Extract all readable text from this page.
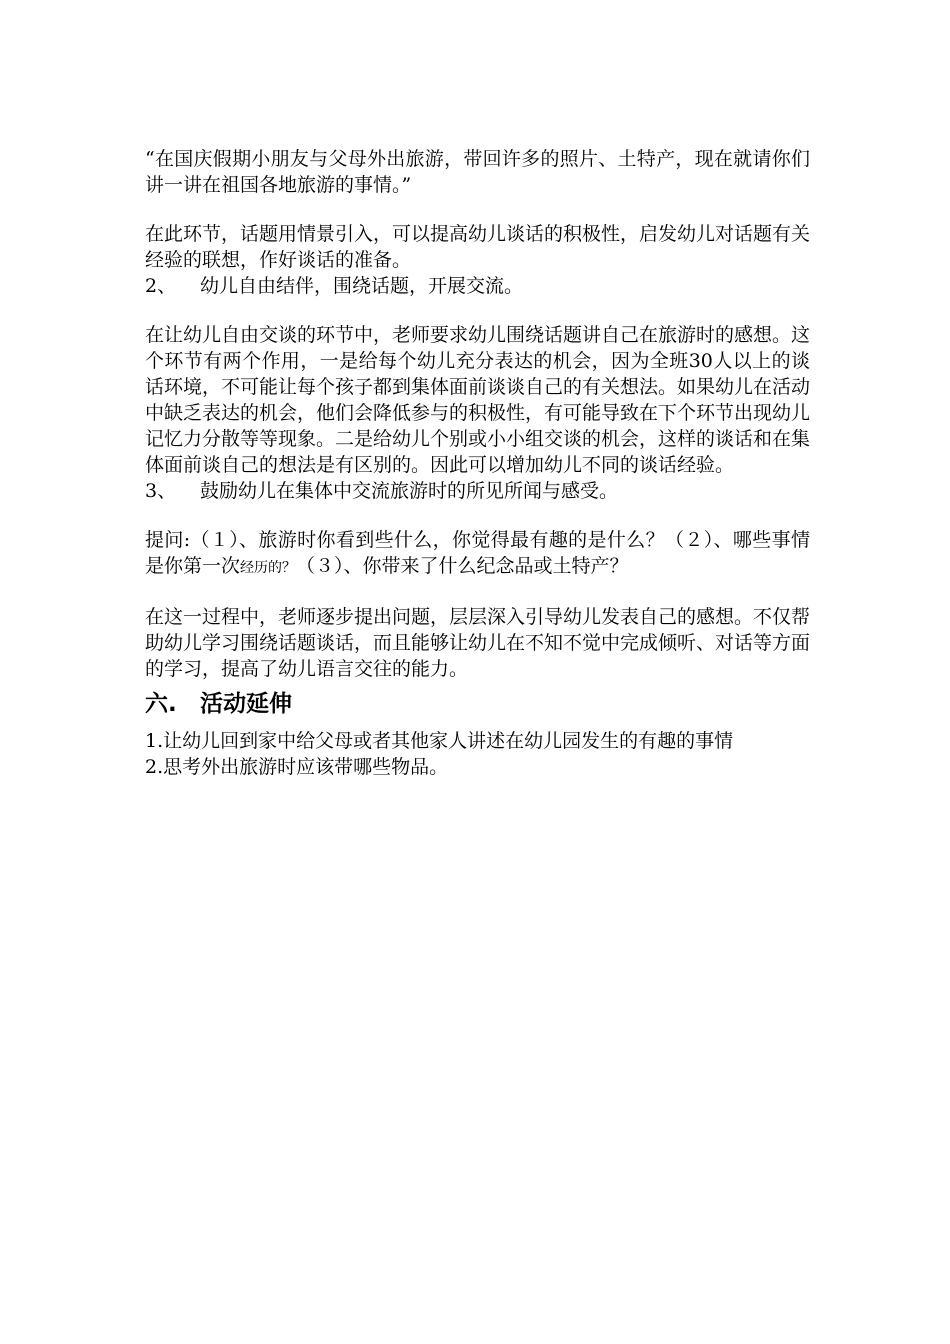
“在国庆假期小朋友与父母外出旅游，带回许多的照片、土特产，现在就请你们讲一讲在祖国各地旅游的事情。”

在此环节，话题用情景引入，可以提高幼儿谈话的积极性，启发幼儿对话题有关经验的联想，作好谈话的准备。

2、 幼儿自由结伴，围绕话题，开展交流。

在让幼儿自由交谈的环节中，老师要求幼儿围绕话题讲自己在旅游时的感想。这个环节有两个作用，一是给每个幼儿充分表达的机会，因为全班30人以上的谈话环境，不可能让每个孩子都到集体面前谈谈自己的有关想法。如果幼儿在活动中缺乏表达的机会，他们会降低参与的积极性，有可能导致在下个环节出现幼儿记忆力分散等等现象。二是给幼儿个别或小小组交谈的机会，这样的谈话和在集体面前谈自己的想法是有区别的。因此可以增加幼儿不同的谈话经验。

3、 鼓励幼儿在集体中交流旅游时的所见所闻与感受。

提问:（１）、旅游时你看到些什么，你觉得最有趣的是什么？（２）、哪些事情是你第一次经历的？（３）、你带来了什么纪念品或土特产？

在这一过程中，老师逐步提出问题，层层深入引导幼儿发表自己的感想。不仅帮助幼儿学习围绕话题谈话，而且能够让幼儿在不知不觉中完成倾听、对话等方面的学习，提高了幼儿语言交往的能力。

六. 活动延伸

1.让幼儿回到家中给父母或者其他家人讲述在幼儿园发生的有趣的事情

2.思考外出旅游时应该带哪些物品。
